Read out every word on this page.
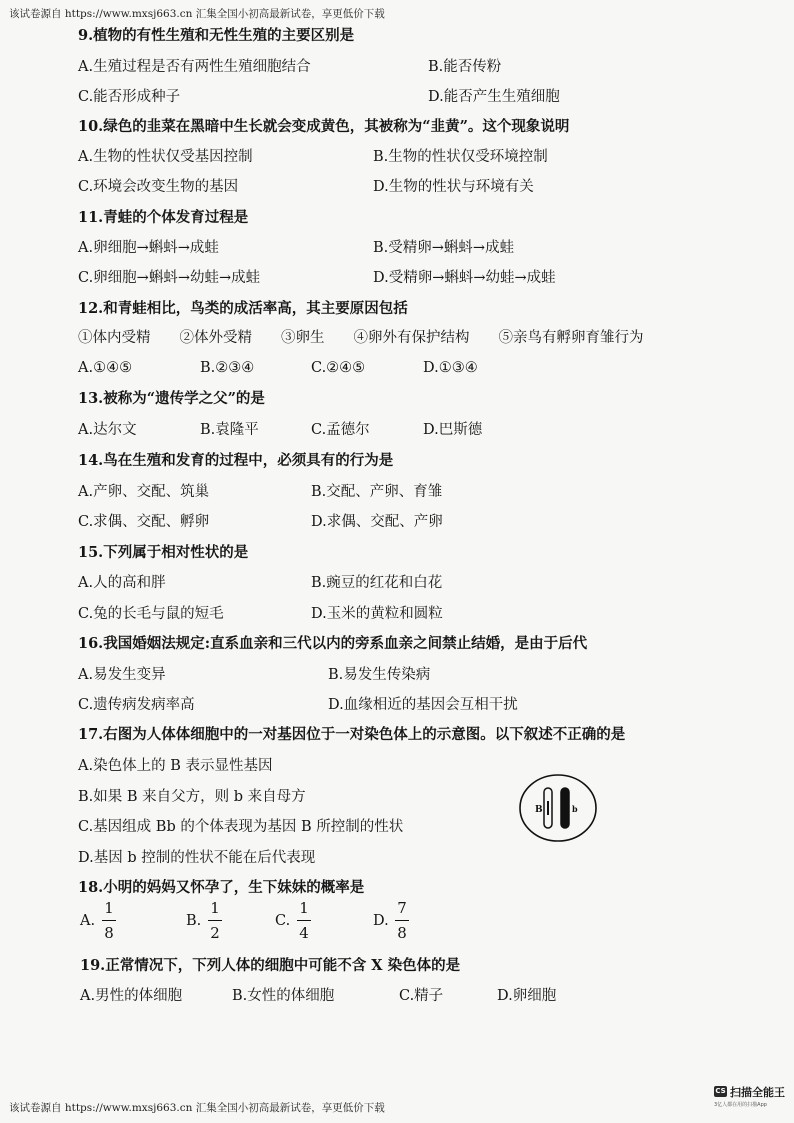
该试卷源自 https://www.mxsj663.cn 汇集全国小初高最新试卷，享更低价下载
9.植物的有性生殖和无性生殖的主要区别是
A.生殖过程是否有两性生殖细胞结合	B.能否传粉
C.能否形成种子	D.能否产生生殖细胞
10.绿色的韭菜在黑暗中生长就会变成黄色，其被称为“韭黄”。这个现象说明
A.生物的性状仅受基因控制	B.生物的性状仅受环境控制
C.环境会改变生物的基因	D.生物的性状与环境有关
11.青蛙的个体发育过程是
A.卵细胞→蝌蚪→成蛙	B.受精卵→蝌蚪→成蛙
C.卵细胞→蝌蚪→幼蛙→成蛙	D.受精卵→蝌蚪→幼蛙→成蛙
12.和青蛙相比，鸟类的成活率高，其主要原因包括
①体内受精　　②体外受精　　③卵生　　④卵外有保护结构　　⑤亲鸟有孵卵育雏行为
A.①④⑤	B.②③④	C.②④⑤	D.①③④
13.被称为“遗传学之父”的是
A.达尔文	B.袁隆平	C.孟德尔	D.巴斯德
14.鸟在生殖和发育的过程中，必须具有的行为是
A.产卵、交配、筑巢	B.交配、产卵、育雏
C.求偶、交配、孵卵	D.求偶、交配、产卵
15.下列属于相对性状的是
A.人的高和胖	B.豌豆的红花和白花
C.兔的长毛与鼠的短毛	D.玉米的黄粒和圆粒
16.我国婚姻法规定:直系血亲和三代以内的旁系血亲之间禁止结婚，是由于后代
A.易发生变异	B.易发生传染病
C.遗传病发病率高	D.血缘相近的基因会互相干扰
17.右图为人体体细胞中的一对基因位于一对染色体上的示意图。以下叙述不正确的是
A.染色体上的 B 表示显性基因
B.如果 B 来自父方，则 b 来自母方
C.基因组成 Bb 的个体表现为基因 B 所控制的性状
D.基因 b 控制的性状不能在后代表现
B	b
18.小明的妈妈又怀孕了，生下妹妹的概率是
A.
1
8
B.
1
2
C.
1
4
D.
7
8
19.正常情况下，下列人体的细胞中可能不含 X 染色体的是
A.男性的体细胞	B.女性的体细胞	C.精子	D.卵细胞
该试卷源自 https://www.mxsj663.cn 汇集全国小初高最新试卷，享更低价下载
CS 扫描全能王
3亿人都在用的扫描App
